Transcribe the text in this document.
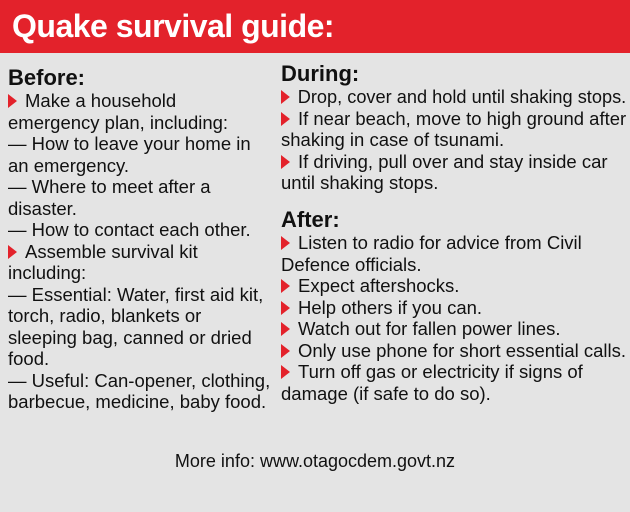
Quake survival guide:
Before:
Make a household
emergency plan, including:
— How to leave your home in
an emergency.
— Where to meet after a
disaster.
— How to contact each other.
Assemble survival kit
including:
— Essential: Water, first aid kit,
torch, radio, blankets or
sleeping bag, canned or dried
food.
— Useful: Can-opener, clothing,
barbecue, medicine, baby food.
During:
Drop, cover and hold until shaking stops.
If near beach, move to high ground after
shaking in case of tsunami.
If driving, pull over and stay inside car
until shaking stops.
After:
Listen to radio for advice from Civil
Defence officials.
Expect aftershocks.
Help others if you can.
Watch out for fallen power lines.
Only use phone for short essential calls.
Turn off gas or electricity if signs of
damage (if safe to do so).
More info: www.otagocdem.govt.nz
